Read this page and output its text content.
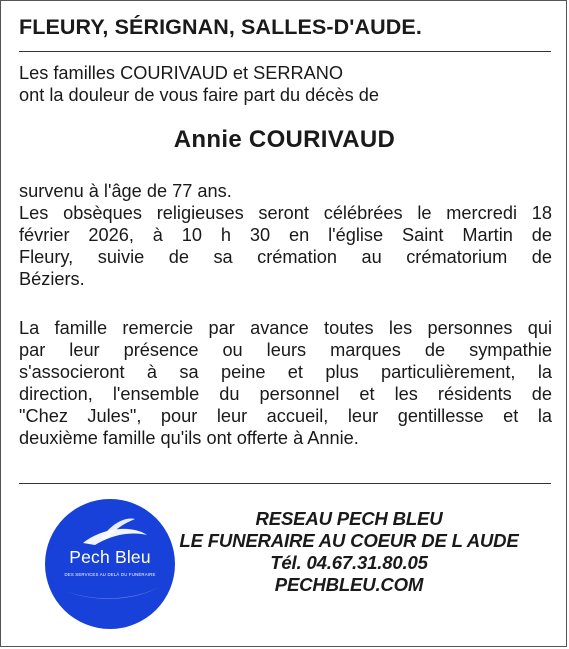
FLEURY, SÉRIGNAN, SALLES-D'AUDE.
Les familles COURIVAUD et SERRANO
ont la douleur de vous faire part du décès de
Annie COURIVAUD
survenu à l'âge de 77 ans.
Les obsèques religieuses seront célébrées le mercredi 18
février 2026, à 10 h 30 en l'église Saint Martin de
Fleury, suivie de sa crémation au crématorium de
Béziers.
La famille remercie par avance toutes les personnes qui
par leur présence ou leurs marques de sympathie
s'associeront à sa peine et plus particulièrement, la
direction, l'ensemble du personnel et les résidents de
"Chez Jules", pour leur accueil, leur gentillesse et la
deuxième famille qu'ils ont offerte à Annie.
Pech Bleu
DES SERVICES AU DELÀ DU FUNÉRAIRE
RESEAU PECH BLEU
LE FUNERAIRE AU COEUR DE L AUDE
Tél. 04.67.31.80.05
PECHBLEU.COM
